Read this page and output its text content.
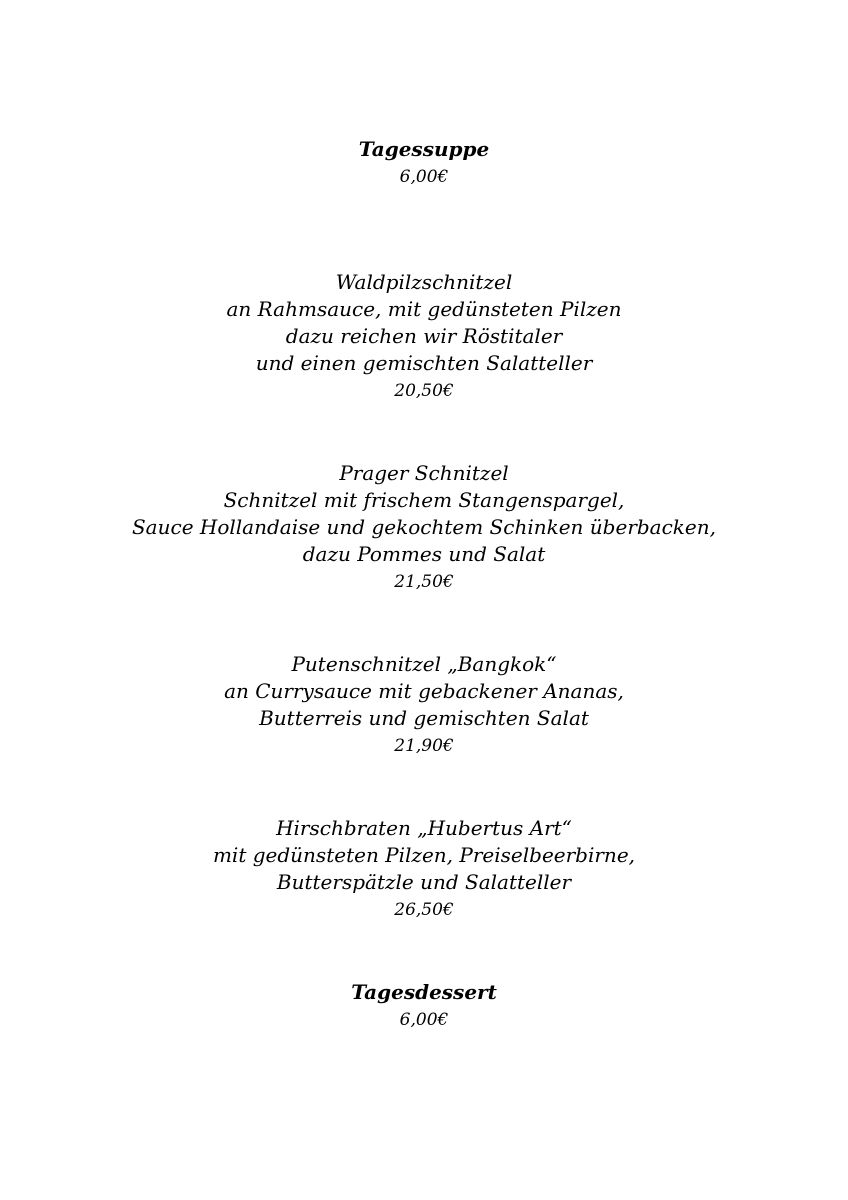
Tagessuppe
6,00€
Waldpilzschnitzel
an Rahmsauce, mit gedünsteten Pilzen
dazu reichen wir Röstitaler
und einen gemischten Salatteller
20,50€
Prager Schnitzel
Schnitzel mit frischem Stangenspargel,
Sauce Hollandaise und gekochtem Schinken überbacken,
dazu Pommes und Salat
21,50€
Putenschnitzel „Bangkok“
an Currysauce mit gebackener Ananas,
Butterreis und gemischten Salat
21,90€
Hirschbraten „Hubertus Art“
mit gedünsteten Pilzen, Preiselbeerbirne,
Butterspätzle und Salatteller
26,50€
Tagesdessert
6,00€
